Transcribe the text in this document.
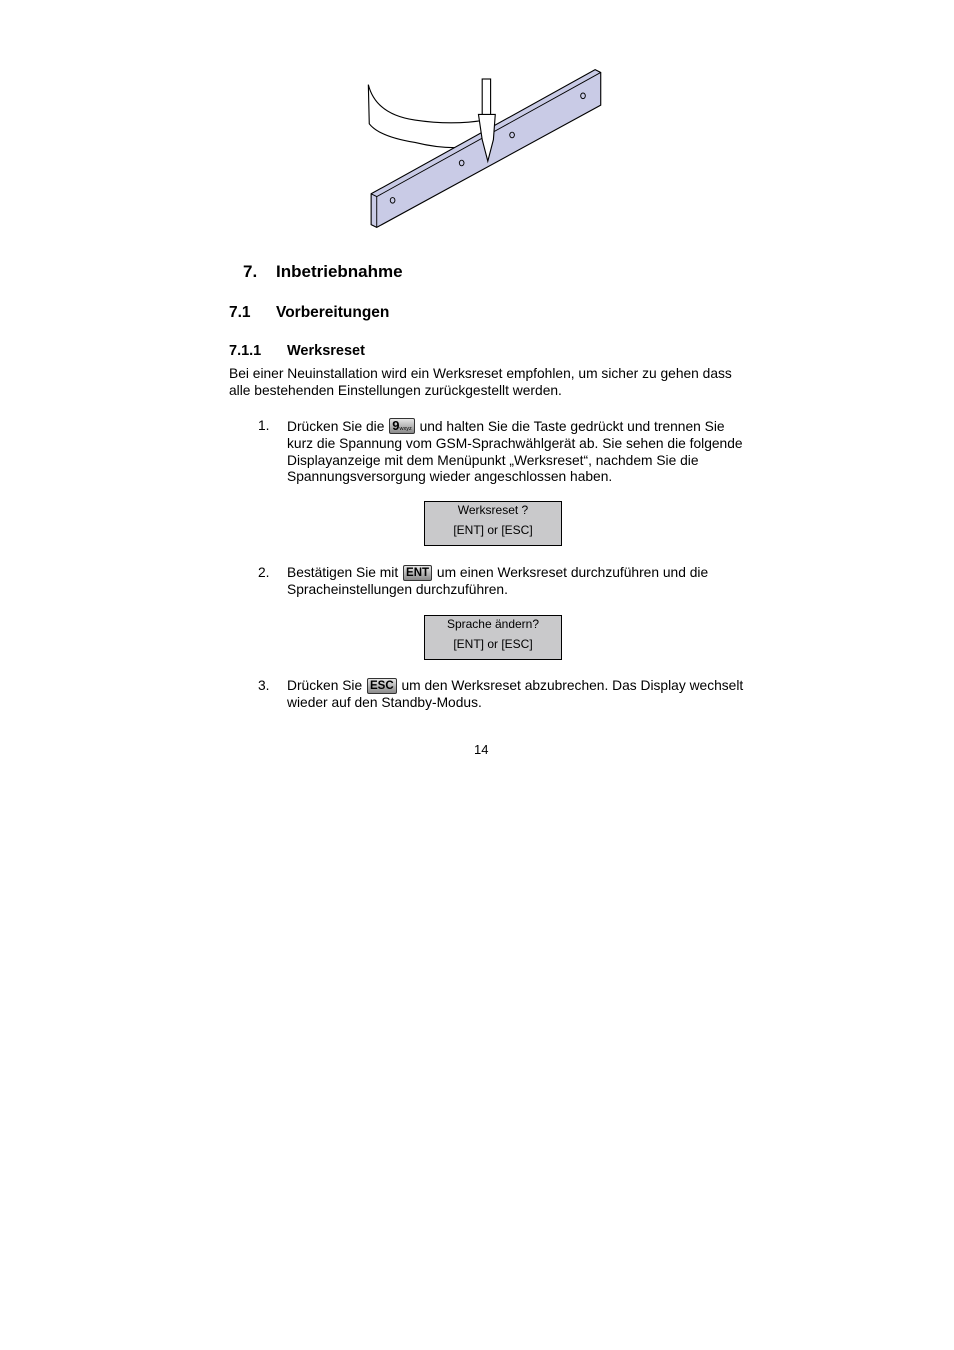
7. Inbetriebnahme
7.1 Vorbereitungen
7.1.1 Werksreset
Bei einer Neuinstallation wird ein Werksreset empfohlen, um sicher zu gehen dass alle bestehenden Einstellungen zurückgestellt werden.
1. Drücken Sie die 9wxyz und halten Sie die Taste gedrückt und trennen Sie kurz die Spannung vom GSM-Sprachwählgerät ab. Sie sehen die folgende Displayanzeige mit dem Menüpunkt „Werksreset“, nachdem Sie die Spannungsversorgung wieder angeschlossen haben.
Werksreset ?
[ENT] or [ESC]
2. Bestätigen Sie mit ENT um einen Werksreset durchzuführen und die Spracheinstellungen durchzuführen.
Sprache ändern?
[ENT] or [ESC]
3. Drücken Sie ESC um den Werksreset abzubrechen. Das Display wechselt wieder auf den Standby-Modus.
14
